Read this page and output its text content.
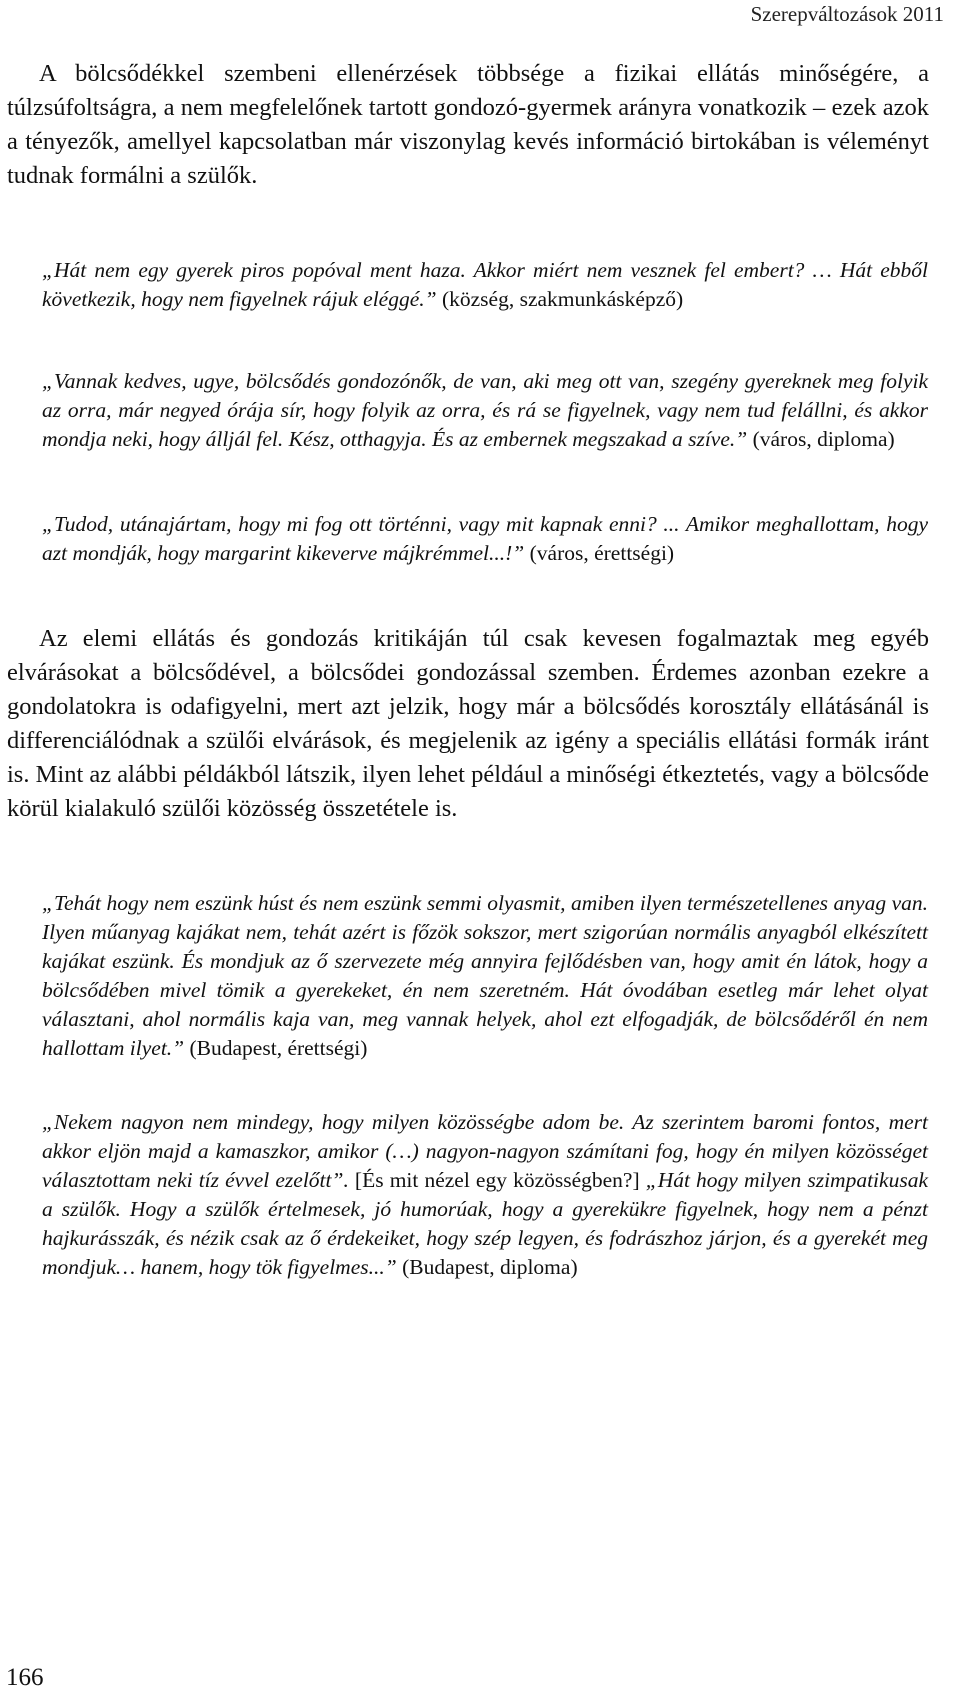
Szerepváltozások 2011

A bölcsődékkel szembeni ellenérzések többsége a fizikai ellátás minőségére, a túlzsúfoltságra, a nem megfelelőnek tartott gondozó-gyermek arányra vonatkozik – ezek azok a tényezők, amellyel kapcsolatban már viszonylag kevés információ birtokában is véleményt tudnak formálni a szülők.

„Hát nem egy gyerek piros popóval ment haza. Akkor miért nem vesznek fel embert? … Hát ebből következik, hogy nem figyelnek rájuk eléggé.” (község, szakmunkásképző)

„Vannak kedves, ugye, bölcsődés gondozónők, de van, aki meg ott van, szegény gyereknek meg folyik az orra, már negyed órája sír, hogy folyik az orra, és rá se figyelnek, vagy nem tud felállni, és akkor mondja neki, hogy álljál fel. Kész, otthagyja. És az embernek megszakad a szíve.” (város, diploma)

„Tudod, utánajártam, hogy mi fog ott történni, vagy mit kapnak enni? ... Amikor meghallottam, hogy azt mondják, hogy margarint kikeverve májkrémmel...!” (város, érettségi)

Az elemi ellátás és gondozás kritikáján túl csak kevesen fogalmaztak meg egyéb elvárásokat a bölcsődével, a bölcsődei gondozással szemben. Érdemes azonban ezekre a gondolatokra is odafigyelni, mert azt jelzik, hogy már a bölcsődés korosztály ellátásánál is differenciálódnak a szülői elvárások, és megjelenik az igény a speciális ellátási formák iránt is. Mint az alábbi példákból látszik, ilyen lehet például a minőségi étkeztetés, vagy a bölcsőde körül kialakuló szülői közösség összetétele is.

„Tehát hogy nem eszünk húst és nem eszünk semmi olyasmit, amiben ilyen természetellenes anyag van. Ilyen műanyag kajákat nem, tehát azért is főzök sokszor, mert szigorúan normális anyagból elkészített kajákat eszünk. És mondjuk az ő szervezete még annyira fejlődésben van, hogy amit én látok, hogy a bölcsődében mivel tömik a gyerekeket, én nem szeretném. Hát óvodában esetleg már lehet olyat választani, ahol normális kaja van, meg vannak helyek, ahol ezt elfogadják, de bölcsődéről én nem hallottam ilyet.” (Budapest, érettségi)

„Nekem nagyon nem mindegy, hogy milyen közösségbe adom be. Az szerintem baromi fontos, mert akkor eljön majd a kamaszkor, amikor (…) nagyon-nagyon számítani fog, hogy én milyen közösséget választottam neki tíz évvel ezelőtt”. [És mit nézel egy közösségben?] „Hát hogy milyen szimpatikusak a szülők. Hogy a szülők értelmesek, jó humorúak, hogy a gyerekükre figyelnek, hogy nem a pénzt hajkurásszák, és nézik csak az ő érdekeiket, hogy szép legyen, és fodrászhoz járjon, és a gyerekét meg mondjuk… hanem, hogy tök figyelmes...” (Budapest, diploma)

166
